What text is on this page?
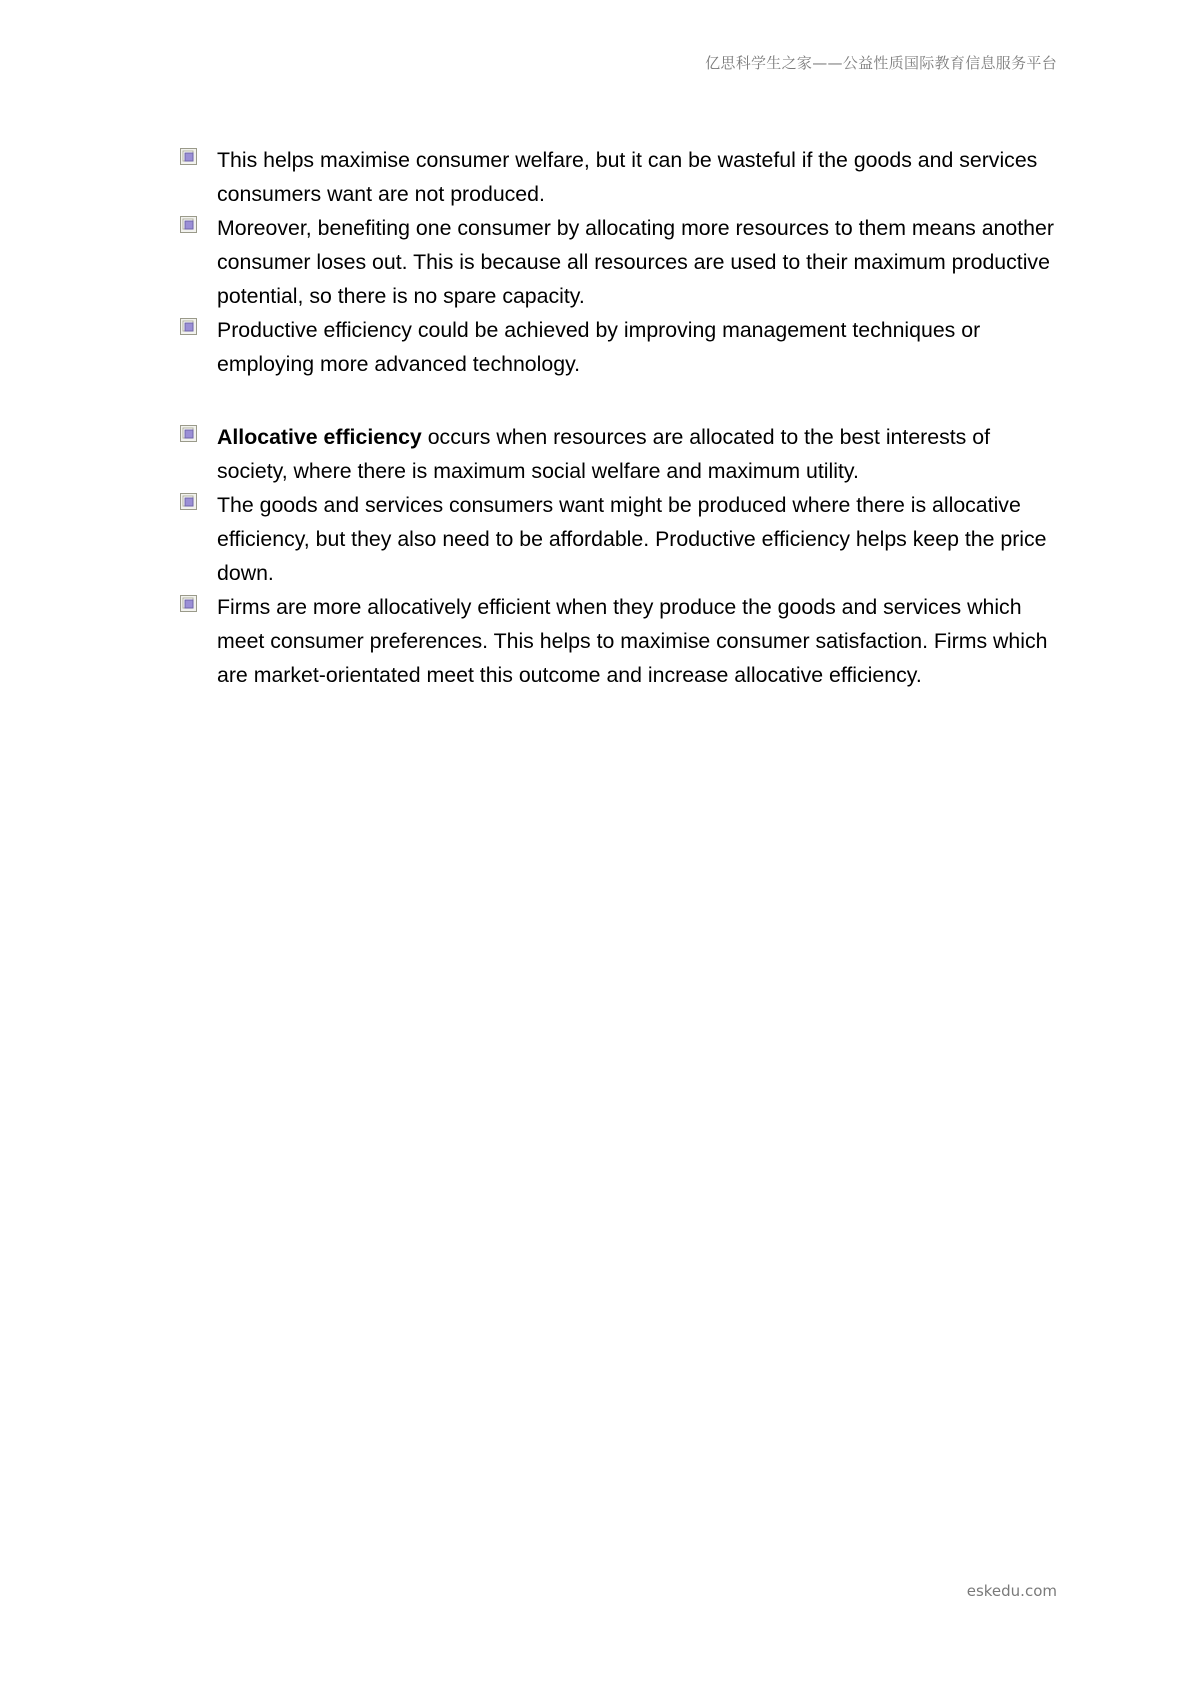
亿思科学生之家——公益性质国际教育信息服务平台
This helps maximise consumer welfare, but it can be wasteful if the goods and services consumers want are not produced.
Moreover, benefiting one consumer by allocating more resources to them means another consumer loses out. This is because all resources are used to their maximum productive potential, so there is no spare capacity.
Productive efficiency could be achieved by improving management techniques or employing more advanced technology.
Allocative efficiency occurs when resources are allocated to the best interests of society, where there is maximum social welfare and maximum utility.
The goods and services consumers want might be produced where there is allocative efficiency, but they also need to be affordable. Productive efficiency helps keep the price down.
Firms are more allocatively efficient when they produce the goods and services which meet consumer preferences. This helps to maximise consumer satisfaction. Firms which are market-orientated meet this outcome and increase allocative efficiency.
eskedu.com
